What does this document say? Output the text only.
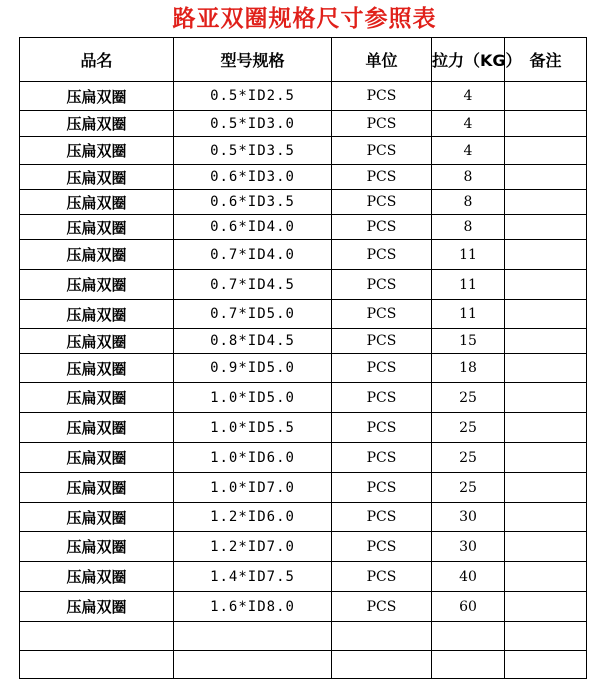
路亚双圈规格尺寸参照表
品名	型号规格	单位	拉力（KG）	备注
压扁双圈	0.5*ID2.5	PCS	4	
压扁双圈	0.5*ID3.0	PCS	4	
压扁双圈	0.5*ID3.5	PCS	4	
压扁双圈	0.6*ID3.0	PCS	8	
压扁双圈	0.6*ID3.5	PCS	8	
压扁双圈	0.6*ID4.0	PCS	8	
压扁双圈	0.7*ID4.0	PCS	11	
压扁双圈	0.7*ID4.5	PCS	11	
压扁双圈	0.7*ID5.0	PCS	11	
压扁双圈	0.8*ID4.5	PCS	15	
压扁双圈	0.9*ID5.0	PCS	18	
压扁双圈	1.0*ID5.0	PCS	25	
压扁双圈	1.0*ID5.5	PCS	25	
压扁双圈	1.0*ID6.0	PCS	25	
压扁双圈	1.0*ID7.0	PCS	25	
压扁双圈	1.2*ID6.0	PCS	30	
压扁双圈	1.2*ID7.0	PCS	30	
压扁双圈	1.4*ID7.5	PCS	40	
压扁双圈	1.6*ID8.0	PCS	60	
